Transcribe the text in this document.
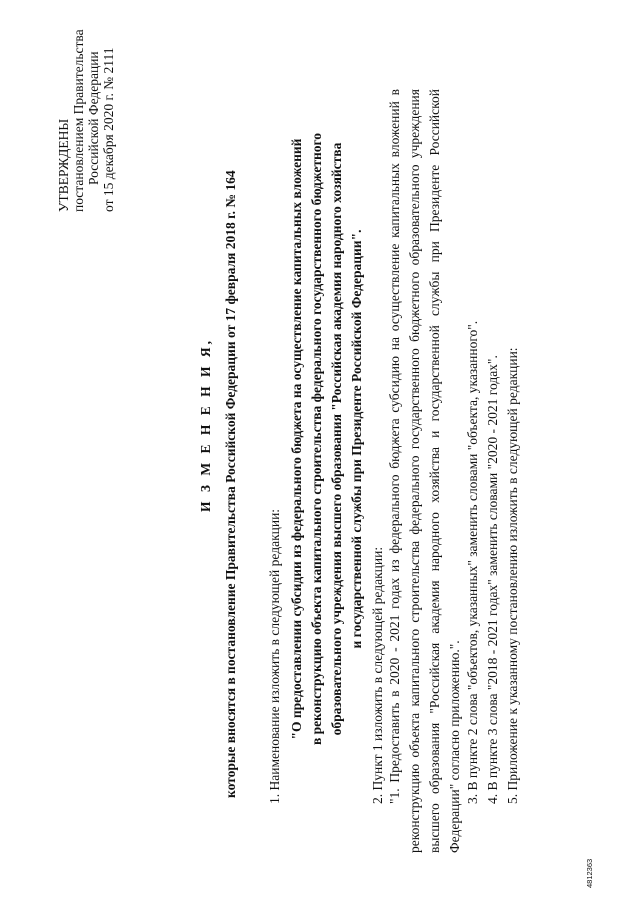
УТВЕРЖДЕНЫ постановлением Правительства Российской Федерации от 15 декабря 2020 г. № 2111
И З М Е Н Е Н И Я, которые вносятся в постановление Правительства Российской Федерации от 17 февраля 2018 г. № 164 1. Наименование изложить в следующей редакции: "О предоставлении субсидии из федерального бюджета на осуществление капитальных вложений в реконструкцию объекта капитального строительства федерального государственного бюджетного образовательного учреждения высшего образования "Российская академия народного хозяйства и государственной службы при Президенте Российской Федерации".
2. Пункт 1 изложить в следующей редакции: "1. Предоставить в 2020 - 2021 годах из федерального бюджета субсидию на осуществление капитальных вложений в реконструкцию объекта капитального строительства федерального государственного бюджетного образовательного учреждения высшего образования "Российская академия народного хозяйства и государственной службы при Президенте Российской Федерации" согласно приложению.". 3. В пункте 2 слова "объектов, указанных" заменить словами "объекта, указанного". 4. В пункте 3 слова "2018 - 2021 годах" заменить словами "2020 - 2021 годах". 5. Приложение к указанному постановлению изложить в следующей редакции:
4812363
